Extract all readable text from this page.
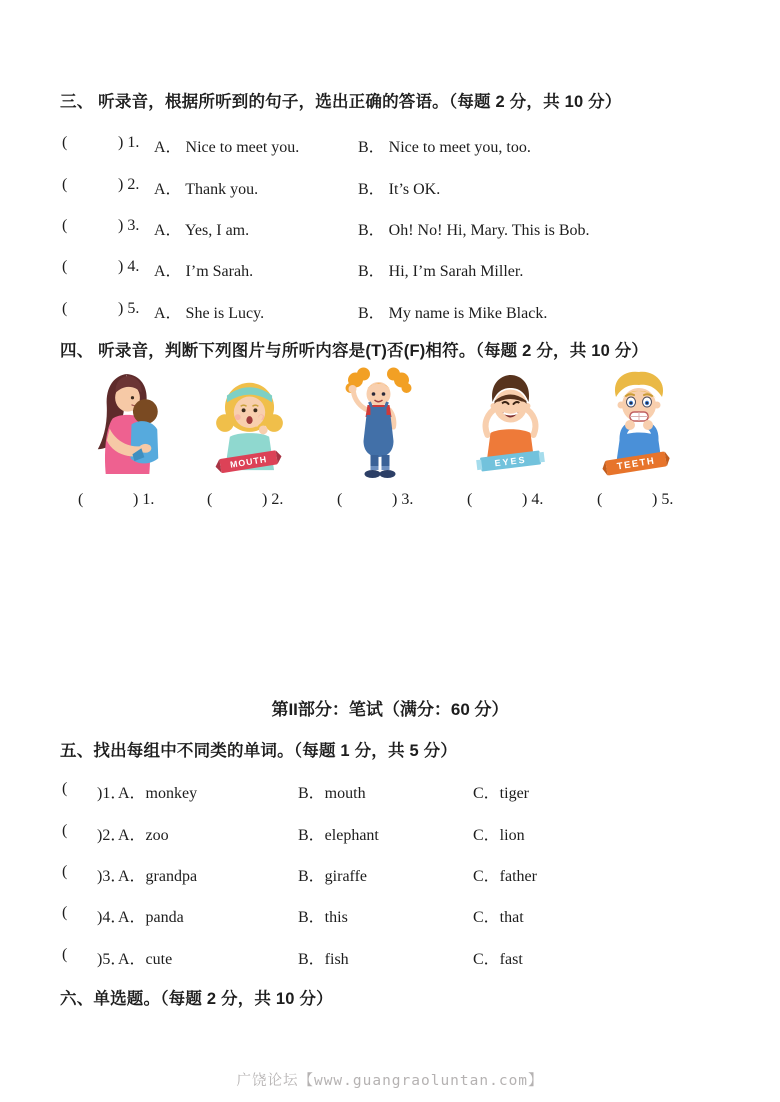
三、 听录音，根据所听到的句子，选出正确的答语。（每题 2 分，共 10 分）
(	) 1. A． Nice to meet you.	B． Nice to meet you, too.
(	) 2. A． Thank you.	B． It’s OK.
(	) 3. A． Yes, I am.	B． Oh! No! Hi, Mary. This is Bob.
(	) 4. A． I’m Sarah.	B． Hi, I’m Sarah Miller.
(	) 5. A． She is Lucy.	B． My name is Mike Black.
四、 听录音，判断下列图片与所听内容是(T)否(F)相符。（每题 2 分，共 10 分）
MOUTH	EYES	TEETH
(	) 1.	(	) 2.	(	) 3.	(	) 4.	(	) 5.
第II部分：笔试（满分：60 分）
五、找出每组中不同类的单词。（每题 1 分，共 5 分）
( )1．
A．monkey	B．mouth	C．tiger
( )2．
A．zoo	B．elephant	C．lion
( )3．
A．grandpa	B．giraffe	C．father
( )4．
A．panda	B．this	C．that
( )5．
A．cute	B．fish	C．fast
六、单选题。（每题 2 分，共 10 分）
广饶论坛【www.guangraoluntan.com】
